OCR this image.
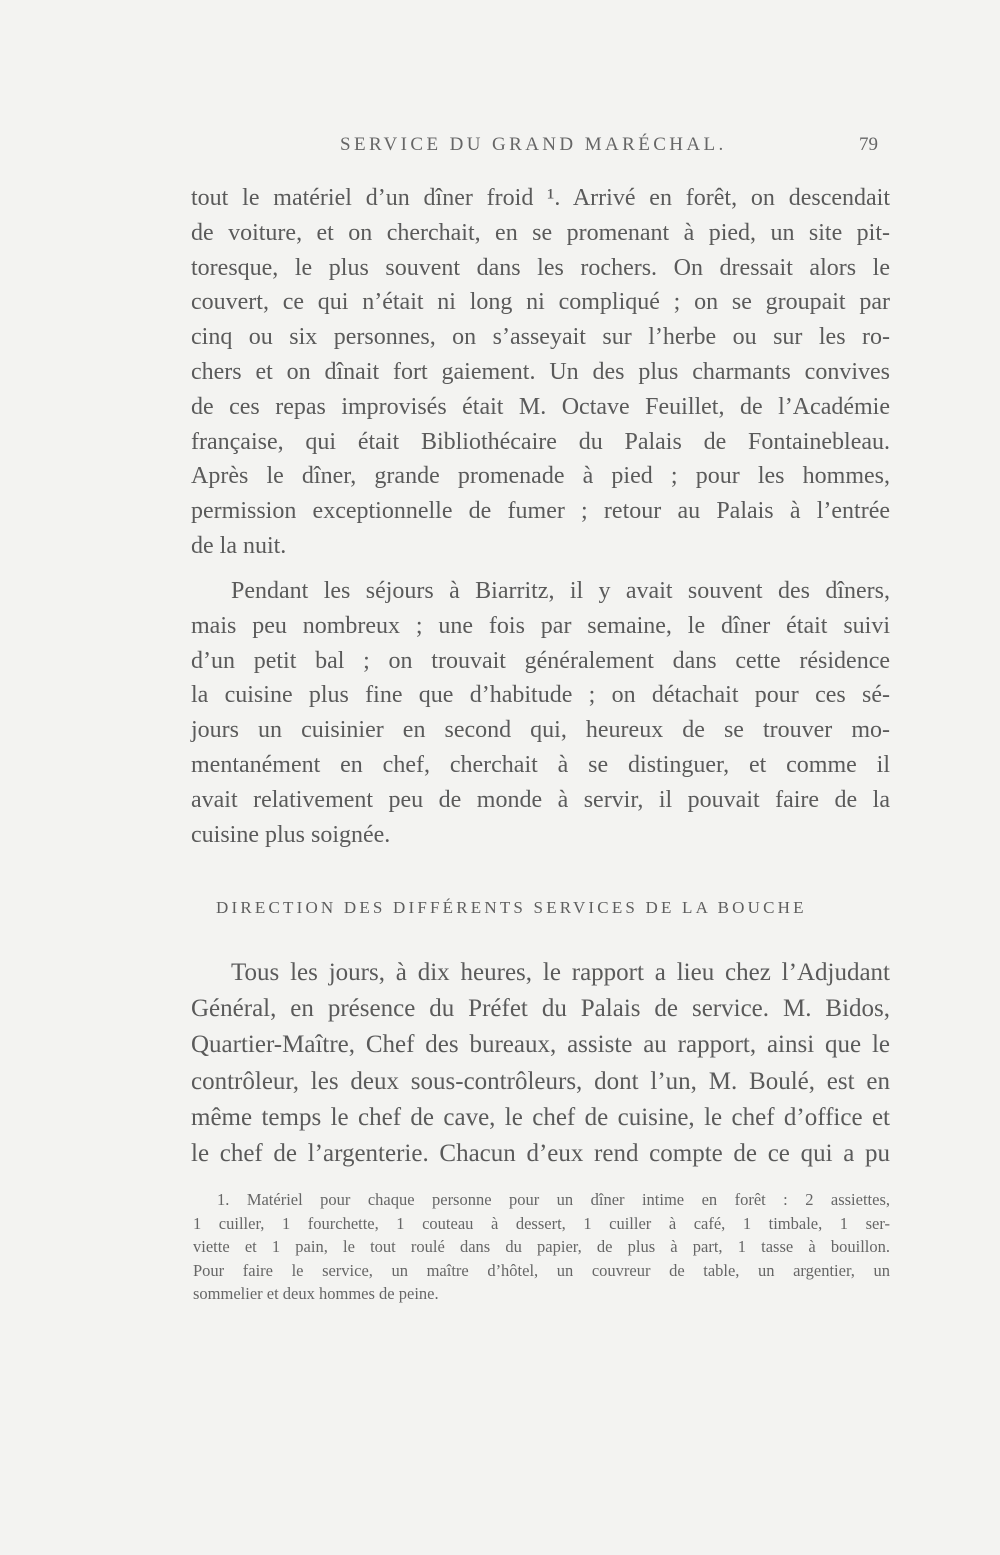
SERVICE DU GRAND MARÉCHAL.	79
tout le matériel d’un dîner froid ¹. Arrivé en forêt, on descendait
de voiture, et on cherchait, en se promenant à pied, un site pit-
toresque, le plus souvent dans les rochers. On dressait alors le
couvert, ce qui n’était ni long ni compliqué ; on se groupait par
cinq ou six personnes, on s’asseyait sur l’herbe ou sur les ro-
chers et on dînait fort gaiement. Un des plus charmants convives
de ces repas improvisés était M. Octave Feuillet, de l’Académie
française, qui était Bibliothécaire du Palais de Fontainebleau.
Après le dîner, grande promenade à pied ; pour les hommes,
permission exceptionnelle de fumer ; retour au Palais à l’entrée
de la nuit.
Pendant les séjours à Biarritz, il y avait souvent des dîners,
mais peu nombreux ; une fois par semaine, le dîner était suivi
d’un petit bal ; on trouvait généralement dans cette résidence
la cuisine plus fine que d’habitude ; on détachait pour ces sé-
jours un cuisinier en second qui, heureux de se trouver mo-
mentanément en chef, cherchait à se distinguer, et comme il
avait relativement peu de monde à servir, il pouvait faire de la
cuisine plus soignée.
DIRECTION DES DIFFÉRENTS SERVICES DE LA BOUCHE
Tous les jours, à dix heures, le rapport a lieu chez l’Adjudant
Général, en présence du Préfet du Palais de service. M. Bidos,
Quartier-Maître, Chef des bureaux, assiste au rapport, ainsi que le
contrôleur, les deux sous-contrôleurs, dont l’un, M. Boulé, est en
même temps le chef de cave, le chef de cuisine, le chef d’office et
le chef de l’argenterie. Chacun d’eux rend compte de ce qui a pu
1. Matériel pour chaque personne pour un dîner intime en forêt : 2 assiettes,
1 cuiller, 1 fourchette, 1 couteau à dessert, 1 cuiller à café, 1 timbale, 1 ser-
viette et 1 pain, le tout roulé dans du papier, de plus à part, 1 tasse à bouillon.
Pour faire le service, un maître d’hôtel, un couvreur de table, un argentier, un
sommelier et deux hommes de peine.
